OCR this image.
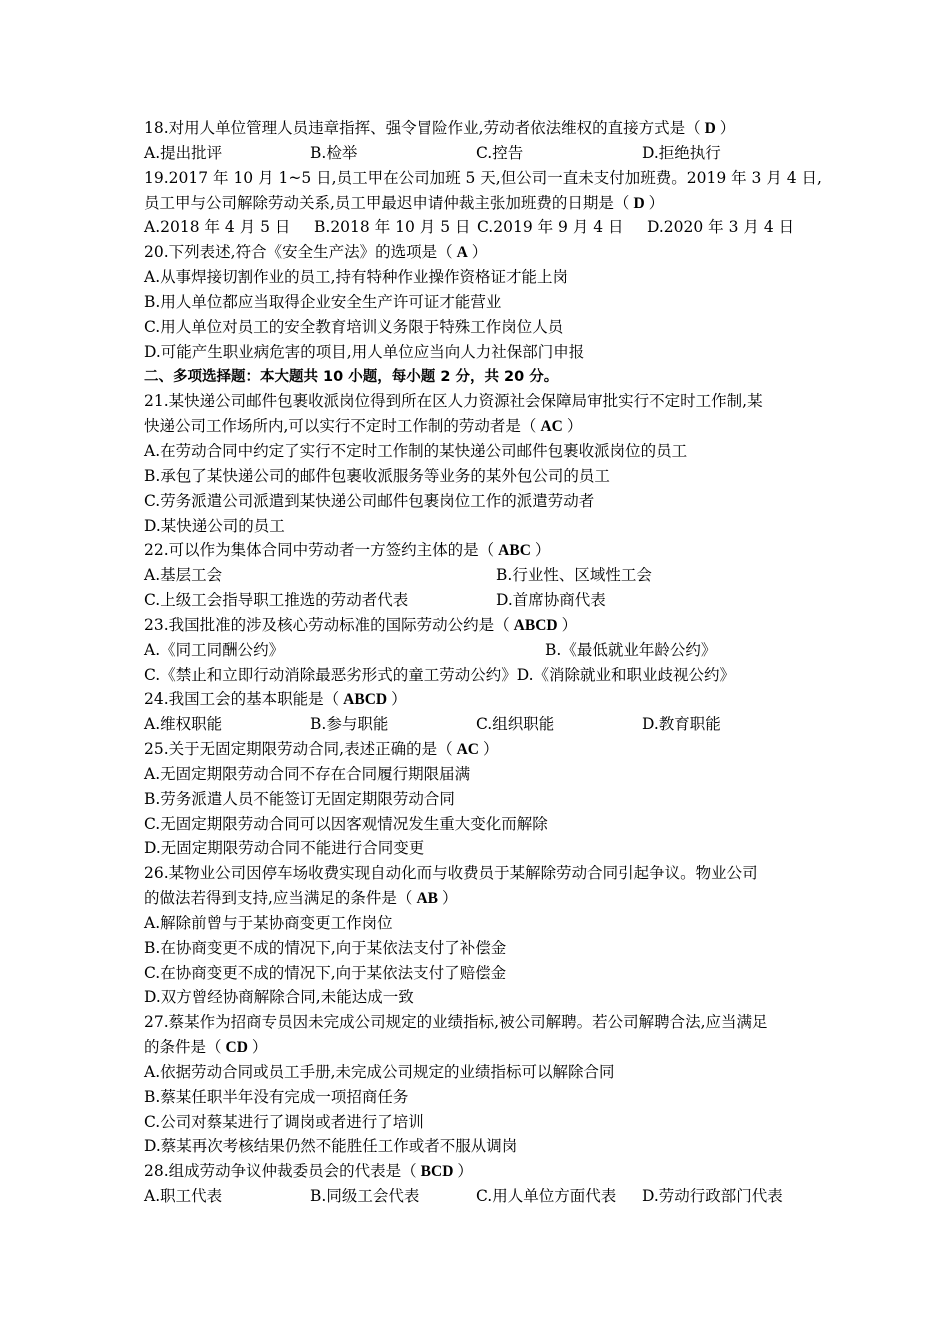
18.对用人单位管理人员违章指挥、强令冒险作业,劳动者依法维权的直接方式是（ D ）
A.提出批评	B.检举	C.控告	D.拒绝执行
19.2017 年 10 月 1~5 日,员工甲在公司加班 5 天,但公司一直未支付加班费。2019 年 3 月 4 日,
员工甲与公司解除劳动关系,员工甲最迟申请仲裁主张加班费的日期是（ D ）
A.2018 年 4 月 5 日 B.2018 年 10 月 5 日 C.2019 年 9 月 4 日 D.2020 年 3 月 4 日
20.下列表述,符合《安全生产法》的选项是（ A ）
A.从事焊接切割作业的员工,持有特种作业操作资格证才能上岗
B.用人单位都应当取得企业安全生产许可证才能营业
C.用人单位对员工的安全教育培训义务限于特殊工作岗位人员
D.可能产生职业病危害的项目,用人单位应当向人力社保部门申报
二、多项选择题：本大题共 10 小题，每小题 2 分，共 20 分。
21.某快递公司邮件包裹收派岗位得到所在区人力资源社会保障局审批实行不定时工作制,某
快递公司工作场所内,可以实行不定时工作制的劳动者是（ AC ）
A.在劳动合同中约定了实行不定时工作制的某快递公司邮件包裹收派岗位的员工
B.承包了某快递公司的邮件包裹收派服务等业务的某外包公司的员工
C.劳务派遣公司派遣到某快递公司邮件包裹岗位工作的派遣劳动者
D.某快递公司的员工
22.可以作为集体合同中劳动者一方签约主体的是（ ABC ）
A.基层工会	B.行业性、区域性工会
C.上级工会指导职工推选的劳动者代表	D.首席协商代表
23.我国批准的涉及核心劳动标准的国际劳动公约是（ ABCD ）
A.《同工同酬公约》	B.《最低就业年龄公约》
C.《禁止和立即行动消除最恶劣形式的童工劳动公约》D.《消除就业和职业歧视公约》
24.我国工会的基本职能是（ ABCD ）
A.维权职能	B.参与职能	C.组织职能	D.教育职能
25.关于无固定期限劳动合同,表述正确的是（ AC ）
A.无固定期限劳动合同不存在合同履行期限届满
B.劳务派遣人员不能签订无固定期限劳动合同
C.无固定期限劳动合同可以因客观情况发生重大变化而解除
D.无固定期限劳动合同不能进行合同变更
26.某物业公司因停车场收费实现自动化而与收费员于某解除劳动合同引起争议。物业公司
的做法若得到支持,应当满足的条件是（ AB ）
A.解除前曾与于某协商变更工作岗位
B.在协商变更不成的情况下,向于某依法支付了补偿金
C.在协商变更不成的情况下,向于某依法支付了赔偿金
D.双方曾经协商解除合同,未能达成一致
27.蔡某作为招商专员因未完成公司规定的业绩指标,被公司解聘。若公司解聘合法,应当满足
的条件是（ CD ）
A.依据劳动合同或员工手册,未完成公司规定的业绩指标可以解除合同
B.蔡某任职半年没有完成一项招商任务
C.公司对蔡某进行了调岗或者进行了培训
D.蔡某再次考核结果仍然不能胜任工作或者不服从调岗
28.组成劳动争议仲裁委员会的代表是（ BCD ）
A.职工代表	B.同级工会代表	C.用人单位方面代表 D.劳动行政部门代表
